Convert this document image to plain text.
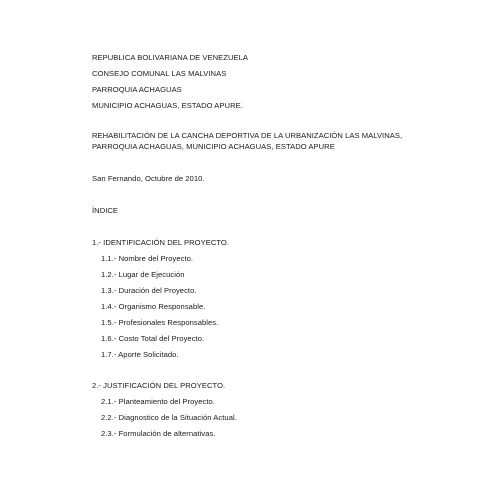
REPUBLICA BOLIVARIANA DE VENEZUELA
CONSEJO COMUNAL LAS MALVINAS
PARROQUIA ACHAGUAS
MUNICIPIO ACHAGUAS, ESTADO APURE.
REHABILITACIÓN DE LA CANCHA DEPORTIVA DE LA URBANIZACIÓN LAS MALVINAS,
PARROQUIA ACHAGUAS, MUNICIPIO ACHAGUAS, ESTADO APURE
San Fernando, Octubre de 2010.
ÍNDICE
1.- IDENTIFICACIÓN DEL PROYECTO.
1.1.- Nombre del Proyecto.
1.2.- Lugar de Ejecución
1.3.- Duración del Proyecto.
1.4.- Organismo Responsable.
1.5.- Profesionales Responsables.
1.6.- Costo Total del Proyecto.
1.7.- Aporte Solicitado.
2.- JUSTIFICACIÓN DEL PROYECTO.
2.1.- Planteamiento del Proyecto.
2.2.- Diagnostico de la Situación Actual.
2.3.- Formulación de alternativas.
